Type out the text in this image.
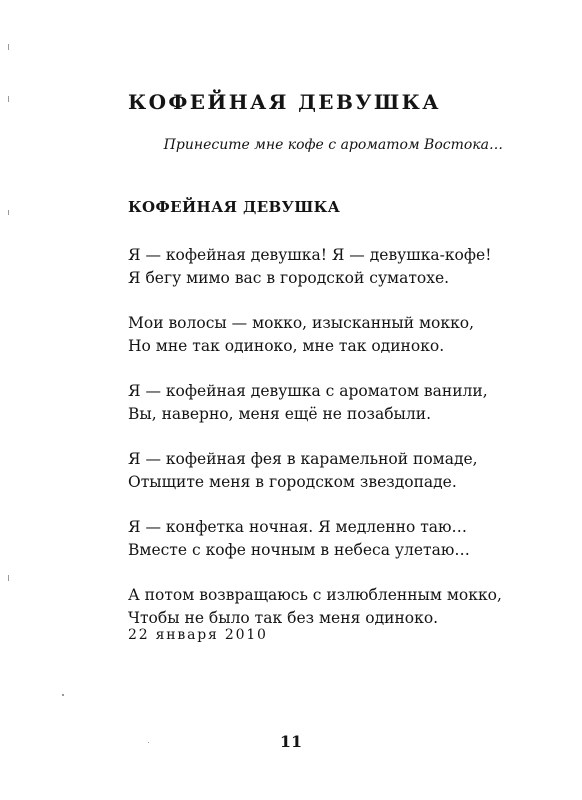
КОФЕЙНАЯ ДЕВУШКА
Принесите мне кофе с ароматом Востока…
КОФЕЙНАЯ ДЕВУШКА
Я — кофейная девушка! Я — девушка-кофе!
Я бегу мимо вас в городской суматохе.
Мои волосы — мокко, изысканный мокко,
Но мне так одиноко, мне так одиноко.
Я — кофейная девушка с ароматом ванили,
Вы, наверно, меня ещё не позабыли.
Я — кофейная фея в карамельной помаде,
Отыщите меня в городском звездопаде.
Я — конфетка ночная. Я медленно таю…
Вместе с кофе ночным в небеса улетаю…
А потом возвращаюсь с излюбленным мокко,
Чтобы не было так без меня одиноко.
22 января 2010
11
